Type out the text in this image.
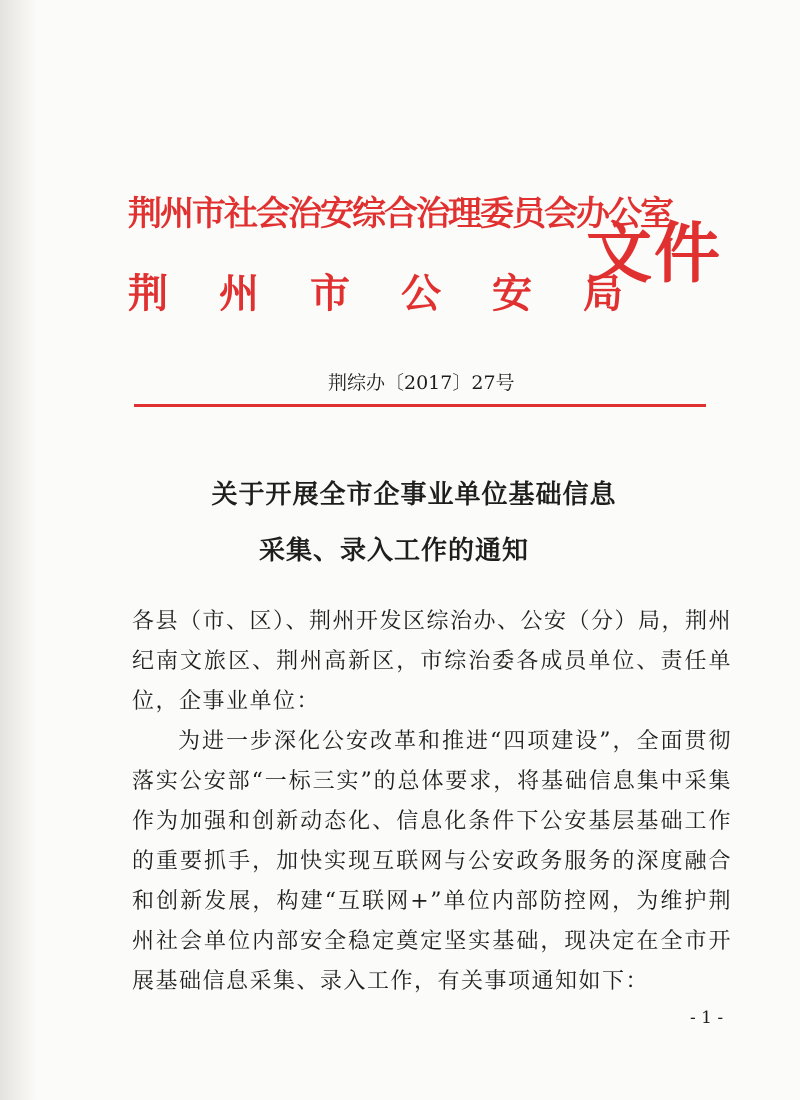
荆州市社会治安综合治理委员会办公室
荆州市公安局
文件
荆综办〔2017〕27号
关于开展全市企事业单位基础信息
采集、录入工作的通知

各县（市、区）、荆州开发区综治办、公安（分）局，荆州纪南文旅区、荆州高新区，市综治委各成员单位、责任单位，企事业单位：

为进一步深化公安改革和推进“四项建设”，全面贯彻落实公安部“一标三实”的总体要求，将基础信息集中采集作为加强和创新动态化、信息化条件下公安基层基础工作的重要抓手，加快实现互联网与公安政务服务的深度融合和创新发展，构建“互联网+”单位内部防控网，为维护荆州社会单位内部安全稳定奠定坚实基础，现决定在全市开展基础信息采集、录入工作，有关事项通知如下：

- 1 -
